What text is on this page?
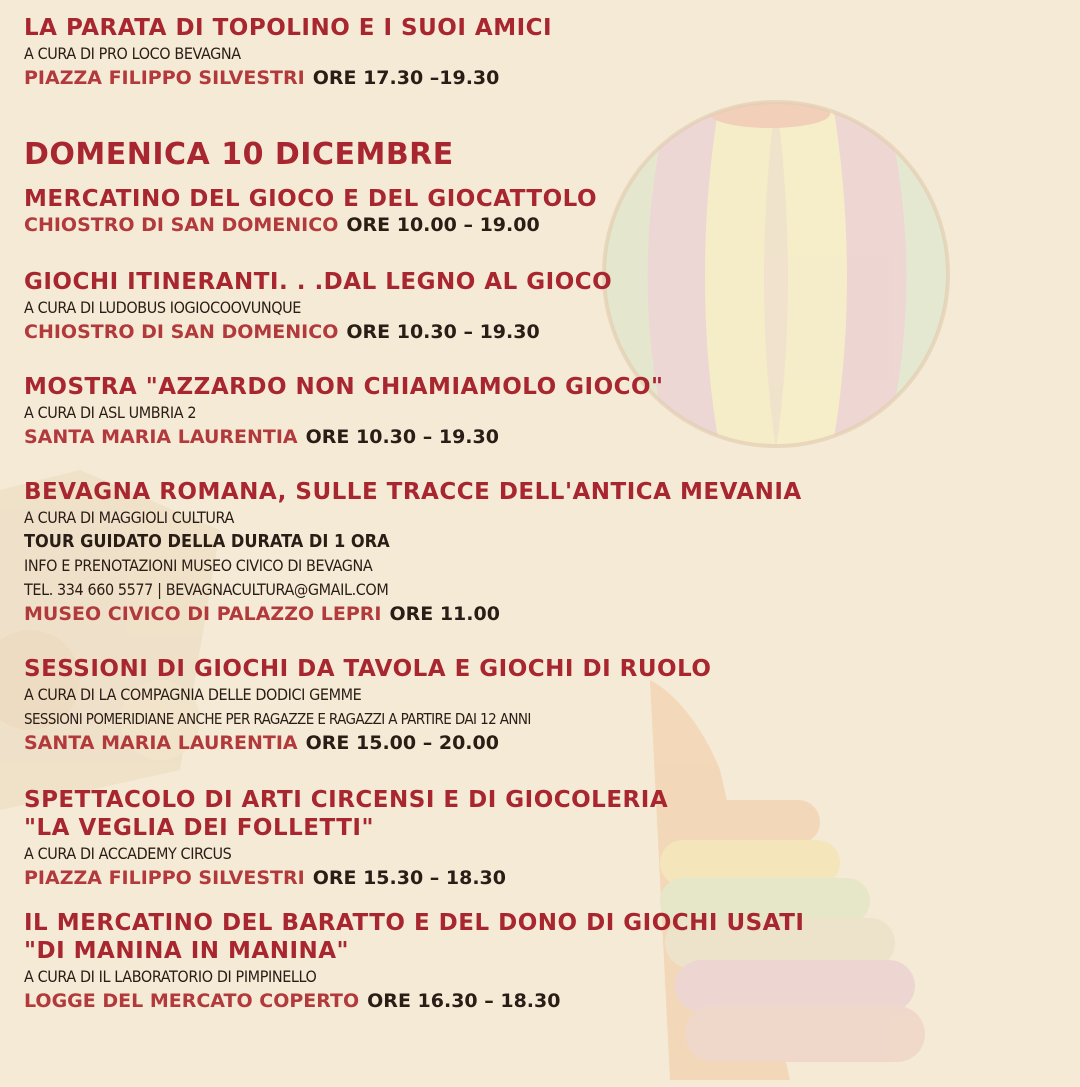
LA PARATA DI TOPOLINO E I SUOI AMICI

A CURA DI PRO LOCO BEVAGNA

PIAZZA FILIPPO SILVESTRI ORE 17.30 –19.30

DOMENICA 10 DICEMBRE

MERCATINO DEL GIOCO E DEL GIOCATTOLO

CHIOSTRO DI SAN DOMENICO ORE 10.00 – 19.00

GIOCHI ITINERANTI. . .DAL LEGNO AL GIOCO

A CURA DI LUDOBUS IOGIOCOOVUNQUE

CHIOSTRO DI SAN DOMENICO ORE 10.30 – 19.30

MOSTRA "AZZARDO NON CHIAMIAMOLO GIOCO"

A CURA DI ASL UMBRIA 2

SANTA MARIA LAURENTIA ORE 10.30 – 19.30

BEVAGNA ROMANA, SULLE TRACCE DELL'ANTICA MEVANIA

A CURA DI MAGGIOLI CULTURA

TOUR GUIDATO DELLA DURATA DI 1 ORA

INFO E PRENOTAZIONI MUSEO CIVICO DI BEVAGNA

TEL. 334 660 5577 | BEVAGNACULTURA@GMAIL.COM

MUSEO CIVICO DI PALAZZO LEPRI ORE 11.00

SESSIONI DI GIOCHI DA TAVOLA E GIOCHI DI RUOLO

A CURA DI LA COMPAGNIA DELLE DODICI GEMME

SESSIONI POMERIDIANE ANCHE PER RAGAZZE E RAGAZZI A PARTIRE DAI 12 ANNI

SANTA MARIA LAURENTIA ORE 15.00 – 20.00

SPETTACOLO DI ARTI CIRCENSI E DI GIOCOLERIA

"LA VEGLIA DEI FOLLETTI"

A CURA DI ACCADEMY CIRCUS

PIAZZA FILIPPO SILVESTRI ORE 15.30 – 18.30

IL MERCATINO DEL BARATTO E DEL DONO DI GIOCHI USATI

"DI MANINA IN MANINA"

A CURA DI IL LABORATORIO DI PIMPINELLO

LOGGE DEL MERCATO COPERTO ORE 16.30 – 18.30
